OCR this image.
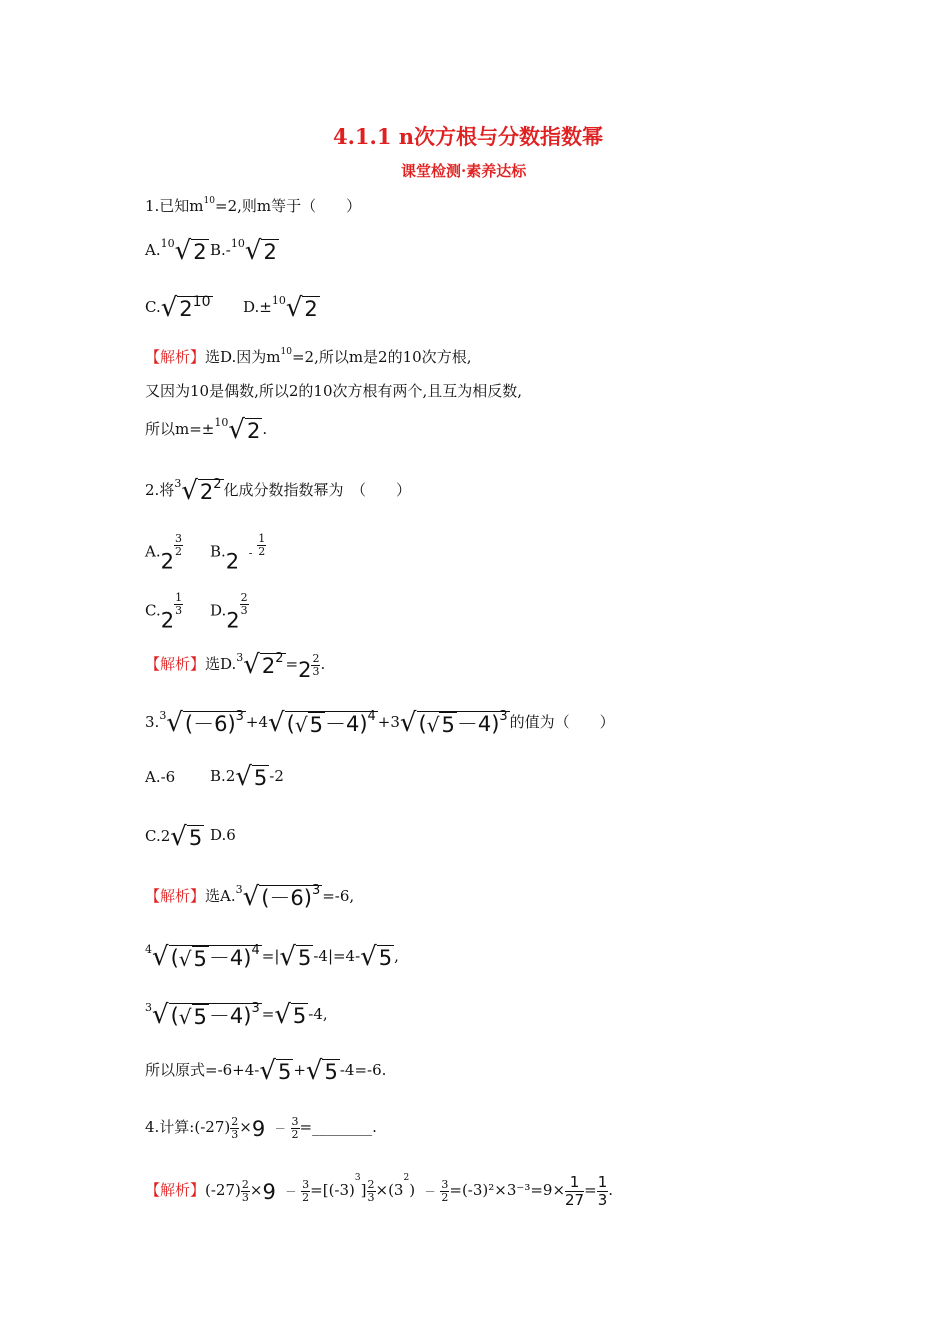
4.1.1 n次方根与分数指数幂
课堂检测·素养达标
1.已知$m^{10}=2$,则m等于（　　）
A.$^{10}$√2 B.-$^{10}$√2
$C.√2^{10}$ D.±$^{10}$√2
【解析】选D.因为$m^{10}=2$,所以m是2的10次方根,
又因为10是偶数,所以2的10次方根有两个,且互为相反数,
所以m=±$^{10}$√2 .
2.将$^3√2^2$ 化成分数指数幂为　（　　）
A.2
$\frac{3}{2} B.2 - \frac{1}{2}$
C.2
$\frac{1}{3} D.2$
$\frac{2}{3}$
【解析】选$D.^3√2^2 =2 \frac{2}{3}$ .
$3.^3√(-6)^3 +4√(√5-4)^4 +3√(√5-4)^3$ 的值为（　　）
A.-6 B.2√5 -2
C.2√5 D.6
【解析】选$A.^3√(-6)^3 =-6$,
$^4√(√5-4)^4 =|√5$ -4|=4-√5 ,
$^3√(√5-4)^3 =√5$ -4,
所以原式=-6+4-√5 +√5 -4=-6.
4.计算:(-27) $\frac{2}{3} \times 9 - \frac{3}{2}$ =________.
【解析】$(-27) \frac{2}{3} \times 9 - \frac{3}{2} =[(-3)^3] \frac{2}{3} \times(3^2) - \frac{3}{2} =(-3)^2\times 3^{-3}=9\times \frac{1}{27}= \frac{1}{3}$.
